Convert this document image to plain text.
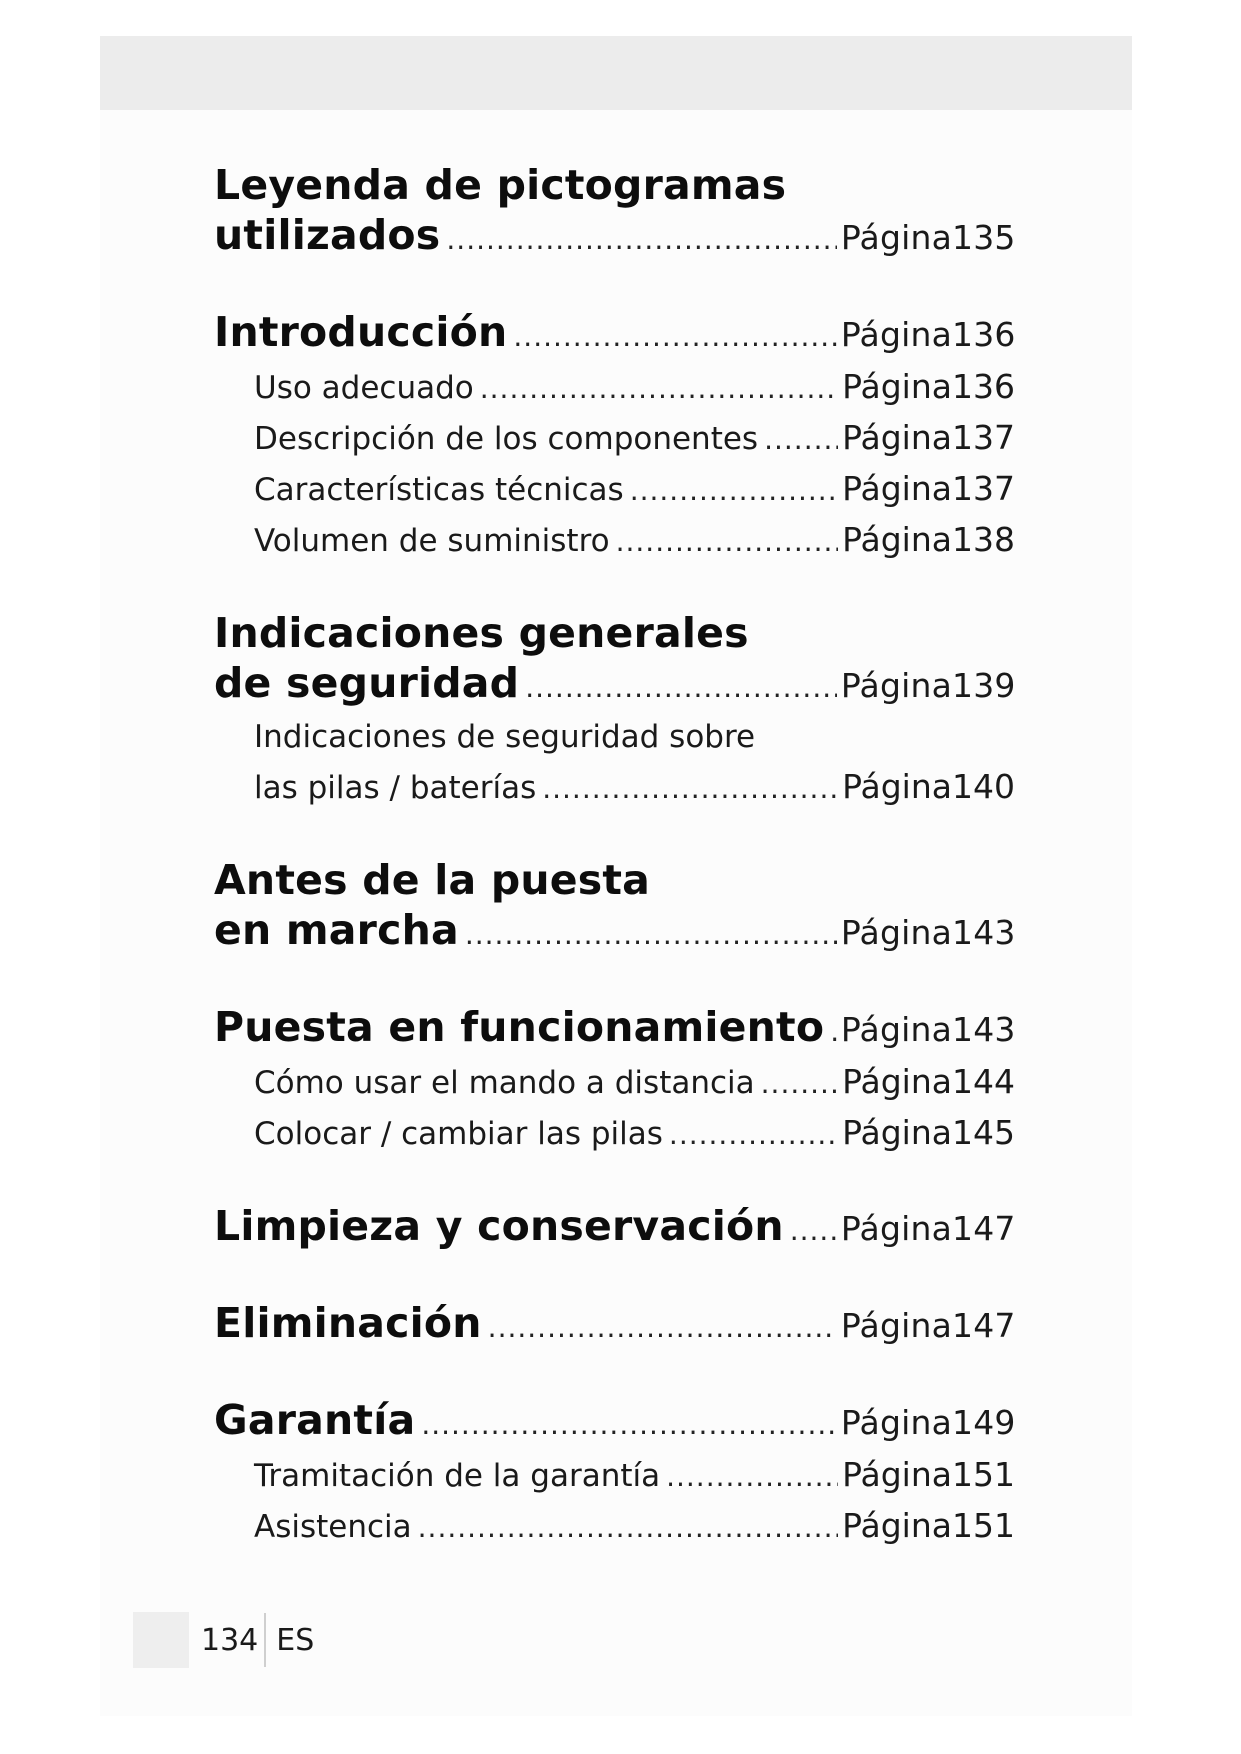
Leyenda de pictogramas
utilizados .....	Página 135
Introducción .....	Página 136
Uso adecuado .....	Página 136
Descripción de los componentes .....	Página 137
Características técnicas .....	Página 137
Volumen de suministro .....	Página 138
Indicaciones generales
de seguridad .....	Página 139
Indicaciones de seguridad sobre
las pilas / baterías .....	Página 140
Antes de la puesta
en marcha .....	Página 143
Puesta en funcionamiento ..... Página 143
Cómo usar el mando a distancia .....	Página 144
Colocar / cambiar las pilas .....	Página 145
Limpieza y conservación ..... Página 147
Eliminación .....	Página 147
Garantía .....	Página 149
Tramitación de la garantía .....	Página 151
Asistencia .....	Página 151
134 ES
